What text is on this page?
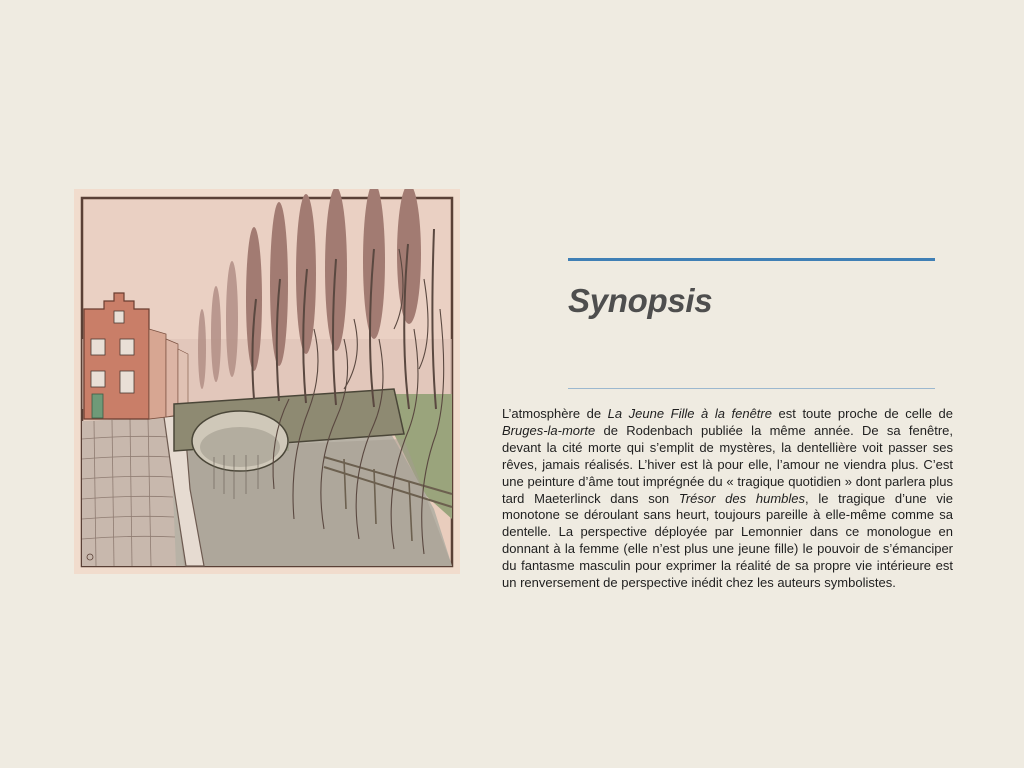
Synopsis

L’atmosphère de La Jeune Fille à la fenêtre est toute proche de celle de Bruges-la-morte de Rodenbach publiée la même année. De sa fenêtre, devant la cité morte qui s’emplit de mystères, la dentellière voit passer ses rêves, jamais réalisés. L’hiver est là pour elle, l’amour ne viendra plus. C’est une peinture d’âme tout imprégnée du « tragique quotidien » dont parlera plus tard Maeterlinck dans son Trésor des humbles, le tragique d’une vie monotone se déroulant sans heurt, toujours pareille à elle-même comme sa dentelle. La perspective déployée par Lemonnier dans ce monologue en donnant à la femme (elle n’est plus une jeune fille) le pouvoir de s’émanciper du fantasme masculin pour exprimer la réalité de sa propre vie intérieure est un renversement de perspective inédit chez les auteurs symbolistes.
